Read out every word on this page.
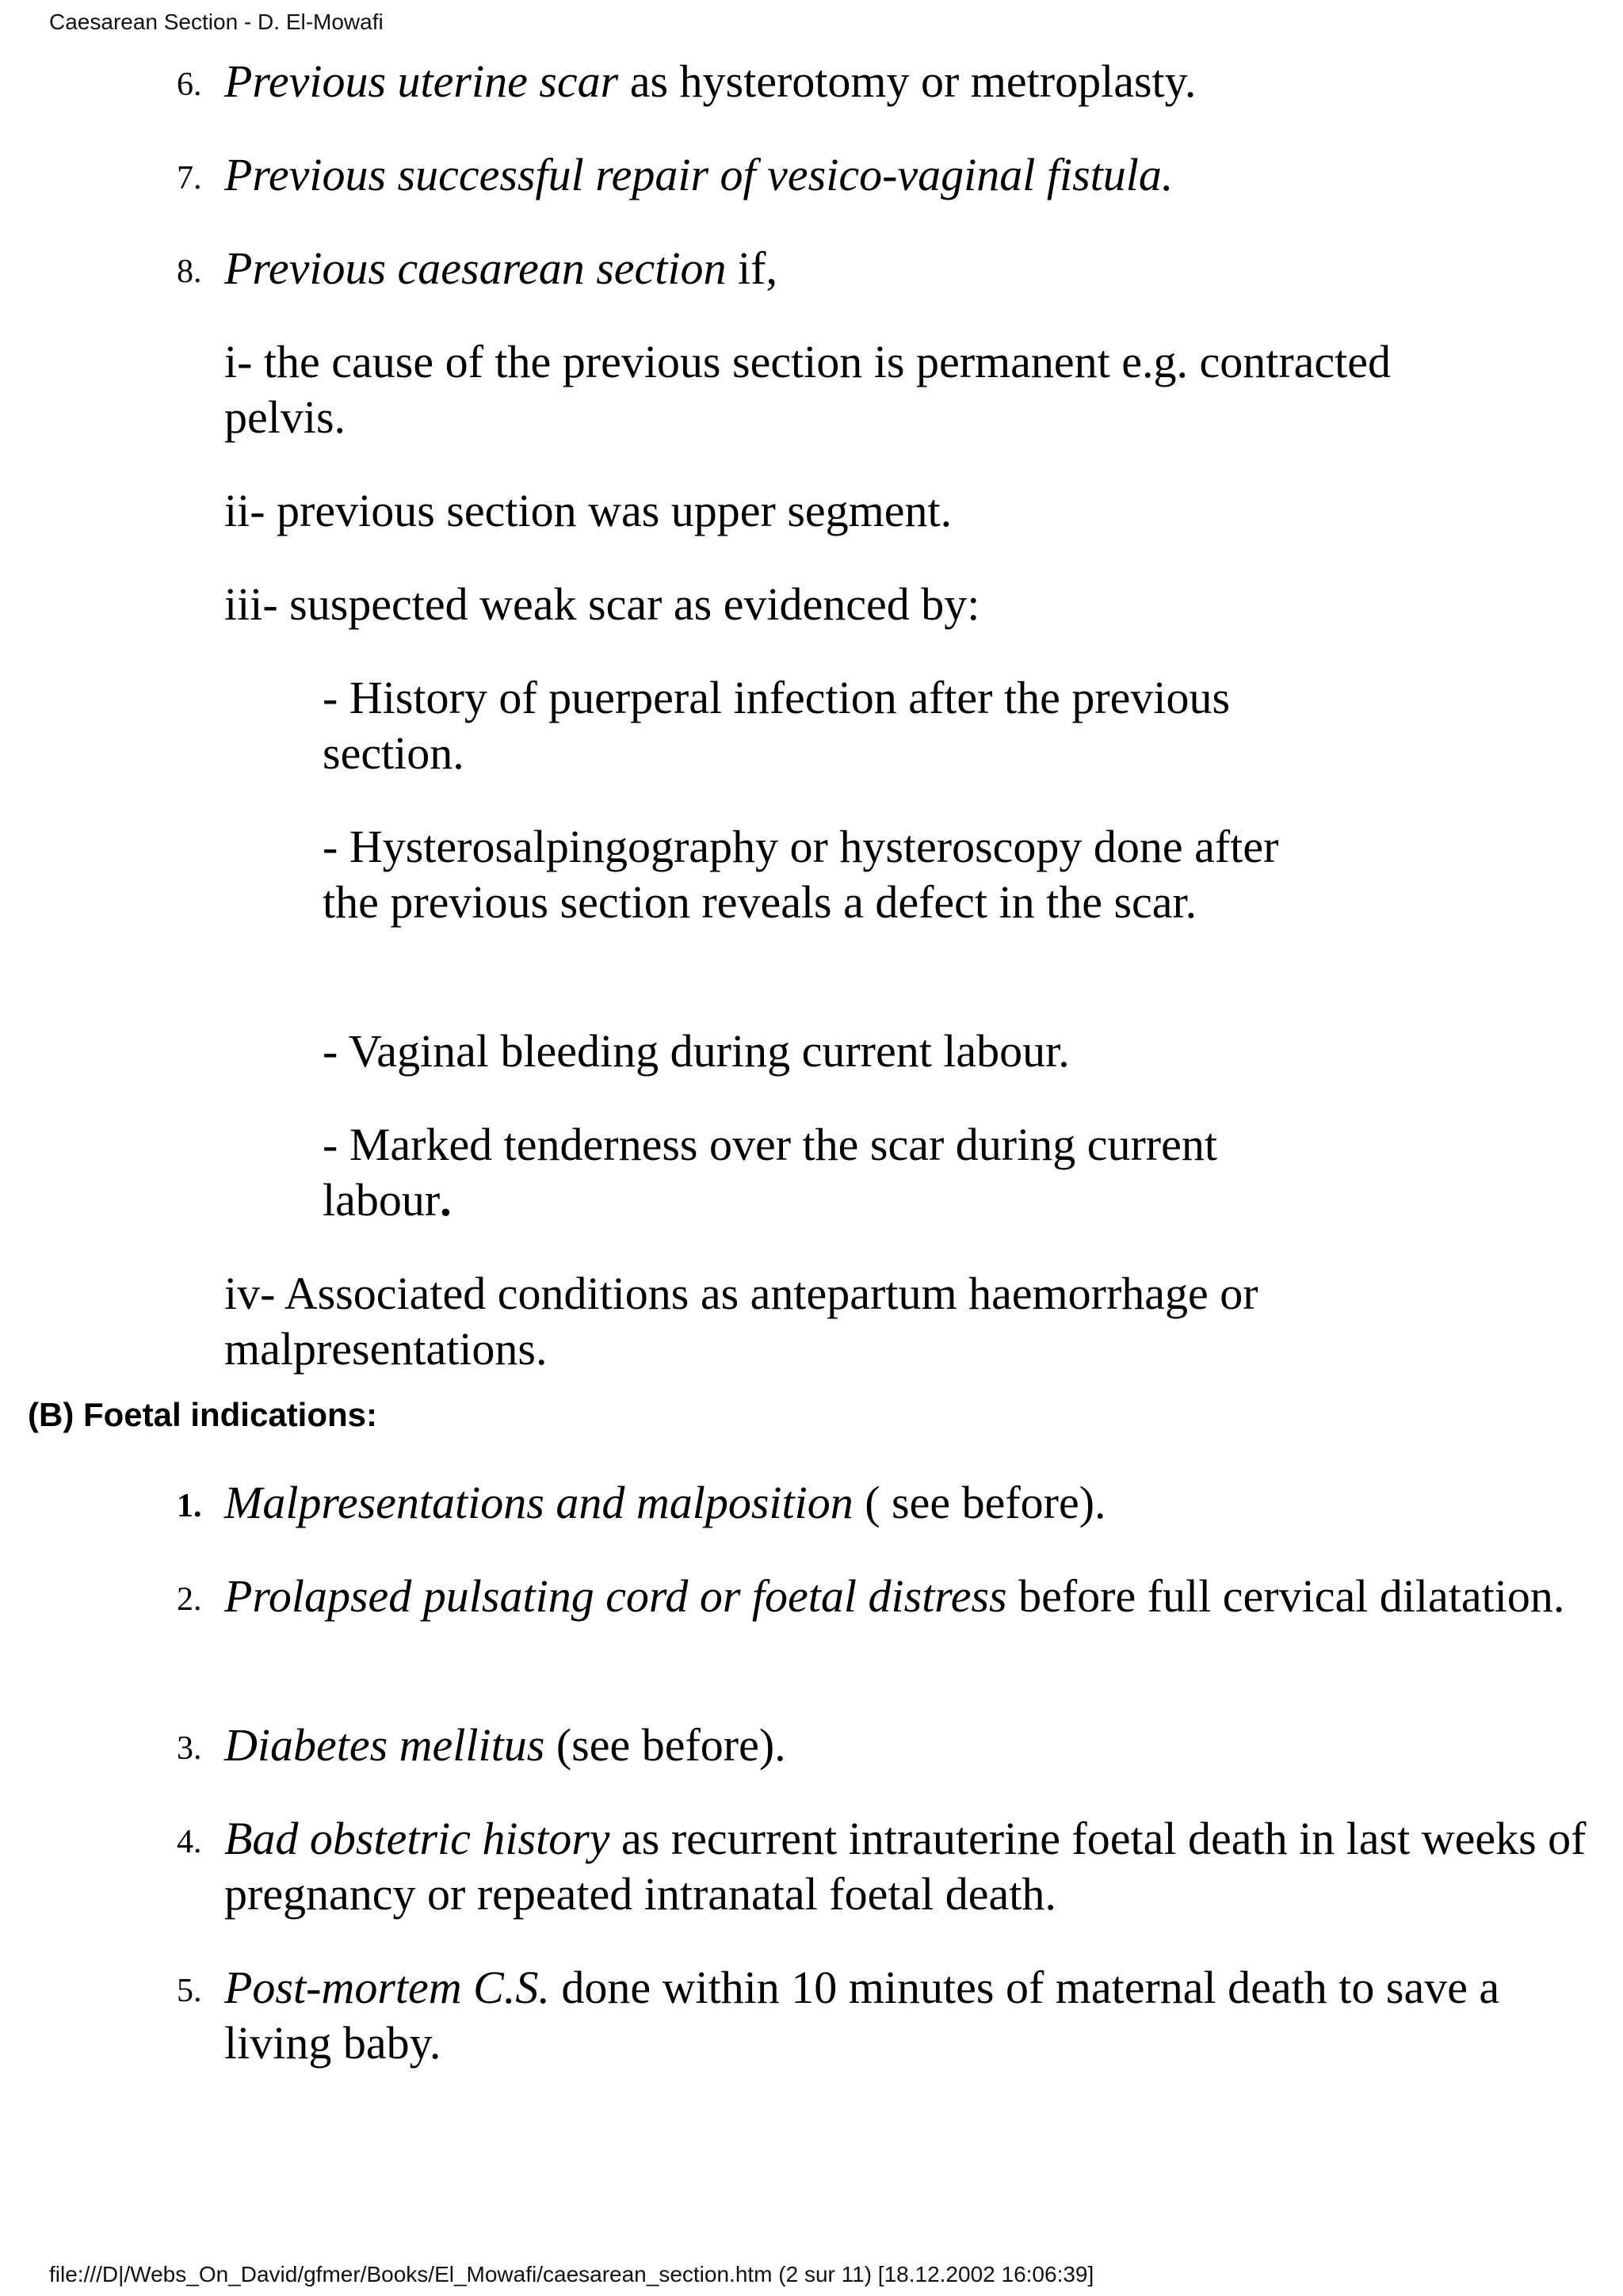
Caesarean Section - D. El-Mowafi
6. Previous uterine scar as hysterotomy or metroplasty.
7. Previous successful repair of vesico-vaginal fistula.
8. Previous caesarean section if,
i- the cause of the previous section is permanent e.g. contracted pelvis.
ii- previous section was upper segment.
iii- suspected weak scar as evidenced by:
- History of puerperal infection after the previous section.
- Hysterosalpingography or hysteroscopy done after the previous section reveals a defect in the scar.
- Vaginal bleeding during current labour.
- Marked tenderness over the scar during current labour.
iv- Associated conditions as antepartum haemorrhage or malpresentations.
(B) Foetal indications:
1. Malpresentations and malposition ( see before).
2. Prolapsed pulsating cord or foetal distress before full cervical dilatation.
3. Diabetes mellitus (see before).
4. Bad obstetric history as recurrent intrauterine foetal death in last weeks of pregnancy or repeated intranatal foetal death.
5. Post-mortem C.S. done within 10 minutes of maternal death to save a living baby.
file:///D|/Webs_On_David/gfmer/Books/El_Mowafi/caesarean_section.htm (2 sur 11) [18.12.2002 16:06:39]
